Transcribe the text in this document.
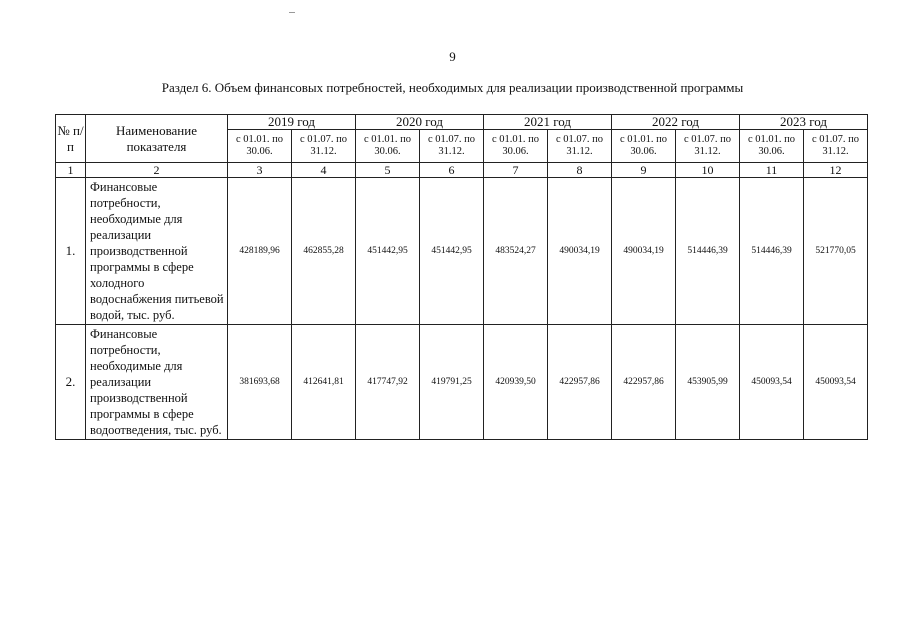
9
Раздел 6. Объем финансовых потребностей, необходимых для реализации производственной программы
№ п/п	Наименование показателя	2019 год		2020 год		2021 год		2022 год		2023 год	
		с 01.01. по 30.06.	с 01.07. по 31.12.	с 01.01. по 30.06.	с 01.07. по 31.12.	с 01.01. по 30.06.	с 01.07. по 31.12.	с 01.01. по 30.06.	с 01.07. по 31.12.	с 01.01. по 30.06.	с 01.07. по 31.12.
1	2	3	4	5	6	7	8	9	10	11	12
1.	Финансовые потребности, необходимые для реализации производственной программы в сфере холодного водоснабжения питьевой водой, тыс. руб.	428189,96	462855,28	451442,95	451442,95	483524,27	490034,19	490034,19	514446,39	514446,39	521770,05
2.	Финансовые потребности, необходимые для реализации производственной программы в сфере водоотведения, тыс. руб.	381693,68	412641,81	417747,92	419791,25	420939,50	422957,86	422957,86	453905,99	450093,54	450093,54
